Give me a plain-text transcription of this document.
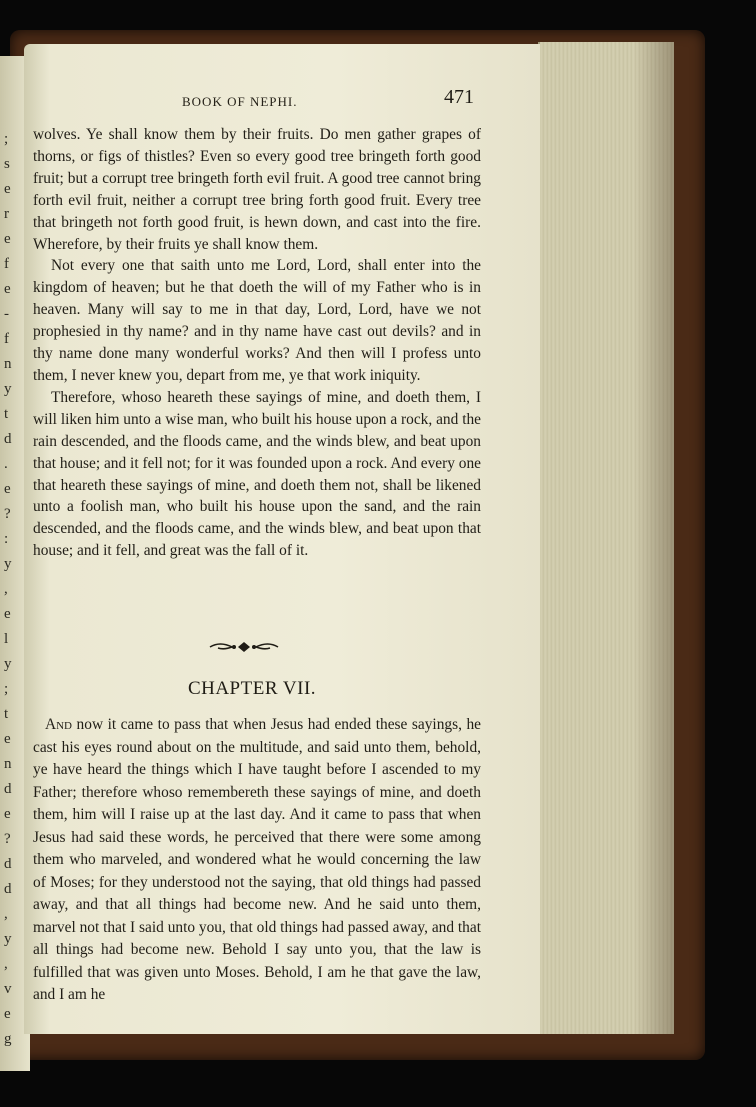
;
s
e
r
e
f
e
-
f
n
y
t
d
.
e
?
:
y
,
e
l
y
;
t
e
n
d
e
?
d
d
,
y
,
v
e
g
BOOK OF NEPHI.	471

wolves. Ye shall know them by their fruits. Do men gather grapes of thorns, or figs of thistles? Even so every good tree bringeth forth good fruit; but a corrupt tree bringeth forth evil fruit. A good tree cannot bring forth evil fruit, neither a corrupt tree bring forth good fruit. Every tree that bringeth not forth good fruit, is hewn down, and cast into the fire. Wherefore, by their fruits ye shall know them.

Not every one that saith unto me Lord, Lord, shall enter into the kingdom of heaven; but he that doeth the will of my Father who is in heaven. Many will say to me in that day, Lord, Lord, have we not prophesied in thy name? and in thy name have cast out devils? and in thy name done many wonderful works? And then will I profess unto them, I never knew you, depart from me, ye that work iniquity.

Therefore, whoso heareth these sayings of mine, and doeth them, I will liken him unto a wise man, who built his house upon a rock, and the rain descended, and the floods came, and the winds blew, and beat upon that house; and it fell not; for it was founded upon a rock. And every one that heareth these sayings of mine, and doeth them not, shall be likened unto a foolish man, who built his house upon the sand, and the rain descended, and the floods came, and the winds blew, and beat upon that house; and it fell, and great was the fall of it.

CHAPTER VII.

And now it came to pass that when Jesus had ended these sayings, he cast his eyes round about on the multitude, and said unto them, behold, ye have heard the things which I have taught before I ascended to my Father; therefore whoso remembereth these sayings of mine, and doeth them, him will I raise up at the last day. And it came to pass that when Jesus had said these words, he perceived that there were some among them who marveled, and wondered what he would concerning the law of Moses; for they understood not the saying, that old things had passed away, and that all things had become new. And he said unto them, marvel not that I said unto you, that old things had passed away, and that all things had become new. Behold I say unto you, that the law is fulfilled that was given unto Moses. Behold, I am he that gave the law, and I am he
